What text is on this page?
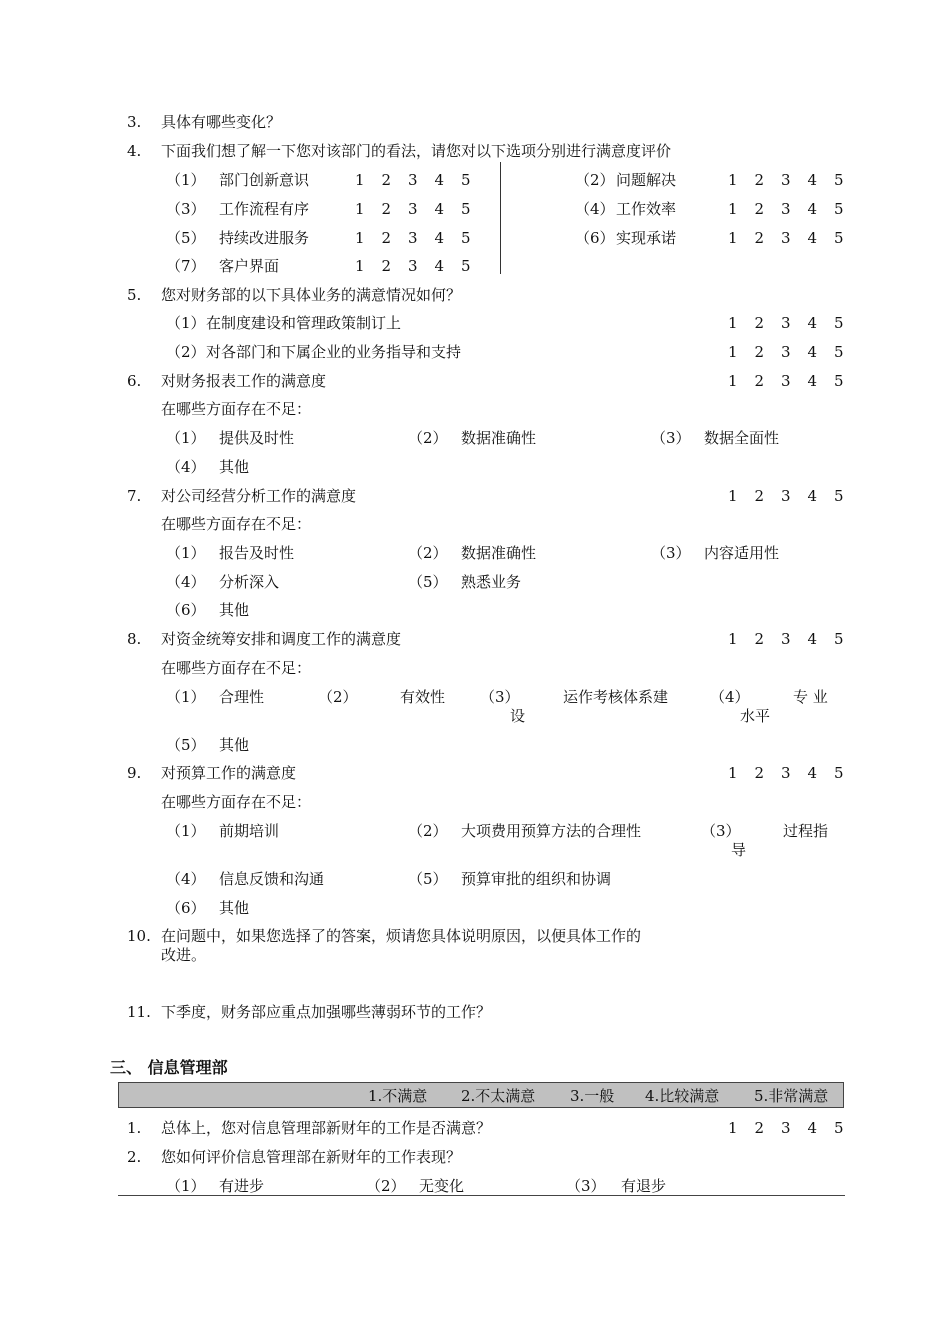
3. 具体有哪些变化？
4. 下面我们想了解一下您对该部门的看法，请您对以下选项分别进行满意度评价
（1） 部门创新意识	1 2 3 4 5
（3） 工作流程有序	1 2 3 4 5
（5） 持续改进服务	1 2 3 4 5
（7） 客户界面	1 2 3 4 5
（2） 问题解决	1 2 3 4 5
（4） 工作效率	1 2 3 4 5
（6） 实现承诺	1 2 3 4 5
5. 您对财务部的以下具体业务的满意情况如何？
（1） 在制度建设和管理政策制订上	1 2 3 4 5
（2） 对各部门和下属企业的业务指导和支持	1 2 3 4 5
6. 对财务报表工作的满意度	1 2 3 4 5
在哪些方面存在不足：
（1） 提供及时性	（2） 数据准确性	（3） 数据全面性
（4） 其他
7. 对公司经营分析工作的满意度	1 2 3 4 5
在哪些方面存在不足：
（1） 报告及时性	（2） 数据准确性	（3） 内容适用性
（4） 分析深入	（5） 熟悉业务
（6） 其他
8. 对资金统筹安排和调度工作的满意度	1 2 3 4 5
在哪些方面存在不足：
（1） 合理性	（2）	有效性 （3）	运作考核体系建
设
（4）	专 业
水平
（5） 其他
9. 对预算工作的满意度	1 2 3 4 5
在哪些方面存在不足：
（1） 前期培训	（2） 大项费用预算方法的合理性	（3）	过程指
导
（4） 信息反馈和沟通	（5） 预算审批的组织和协调
（6） 其他
10. 在问题中，如果您选择了的答案，烦请您具体说明原因，以便具体工作的
改进。
11. 下季度，财务部应重点加强哪些薄弱环节的工作？
三、 信息管理部
1.不满意 2.不太满意 3.一般 4.比较满意 5.非常满意
1. 总体上，您对信息管理部新财年的工作是否满意？	1 2 3 4 5
2. 您如何评价信息管理部在新财年的工作表现？
（1） 有进步	（2） 无变化	（3） 有退步
